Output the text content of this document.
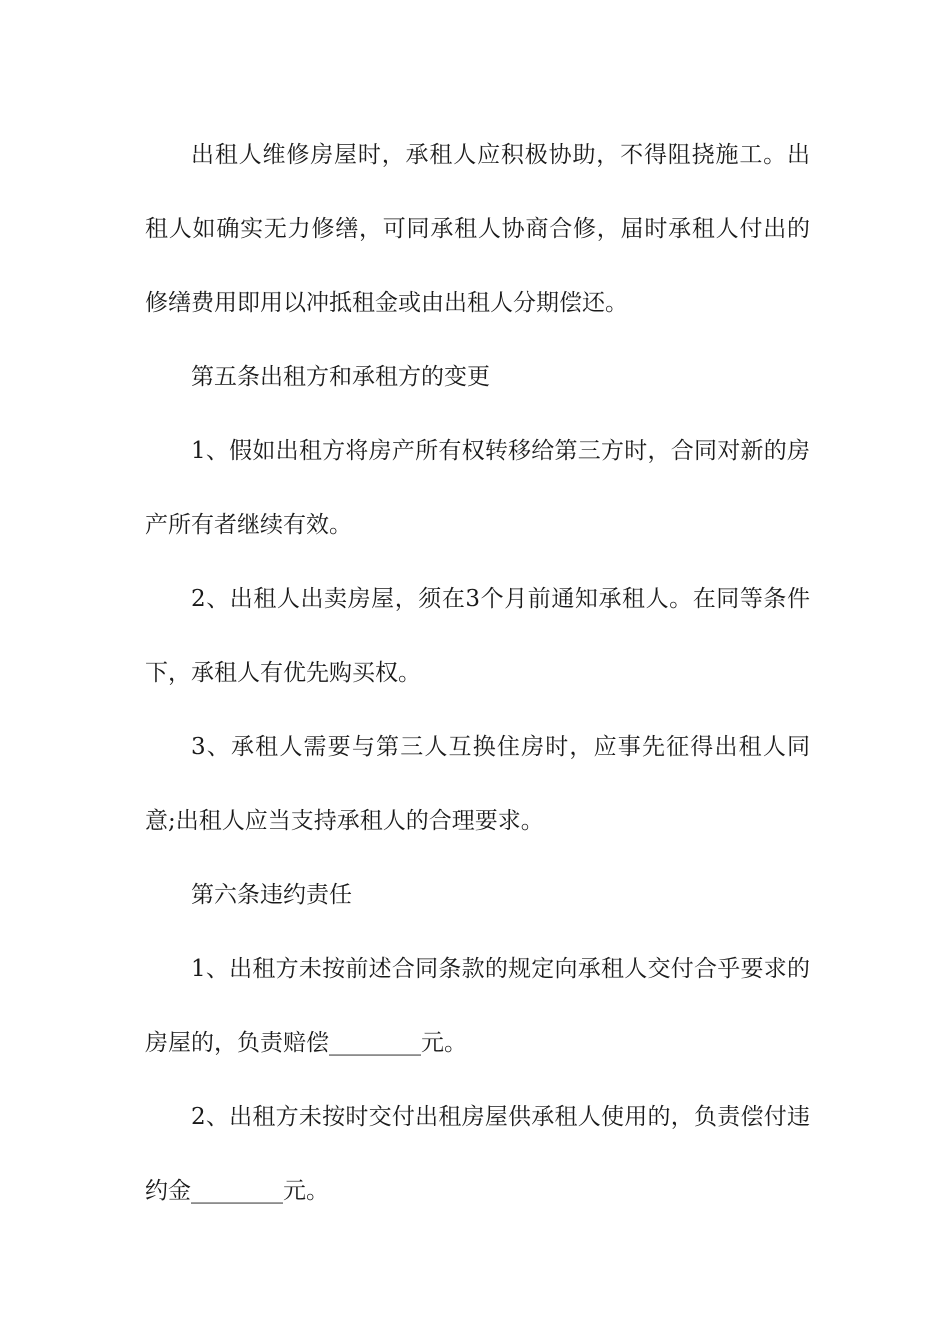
出租人维修房屋时，承租人应积极协助，不得阻挠施工。出租人如确实无力修缮，可同承租人协商合修，届时承租人付出的修缮费用即用以冲抵租金或由出租人分期偿还。

第五条出租方和承租方的变更

1、假如出租方将房产所有权转移给第三方时，合同对新的房产所有者继续有效。

2、出租人出卖房屋，须在3个月前通知承租人。在同等条件下，承租人有优先购买权。

3、承租人需要与第三人互换住房时，应事先征得出租人同意;出租人应当支持承租人的合理要求。

第六条违约责任

1、出租方未按前述合同条款的规定向承租人交付合乎要求的房屋的，负责赔偿________元。

2、出租方未按时交付出租房屋供承租人使用的，负责偿付违约金________元。
